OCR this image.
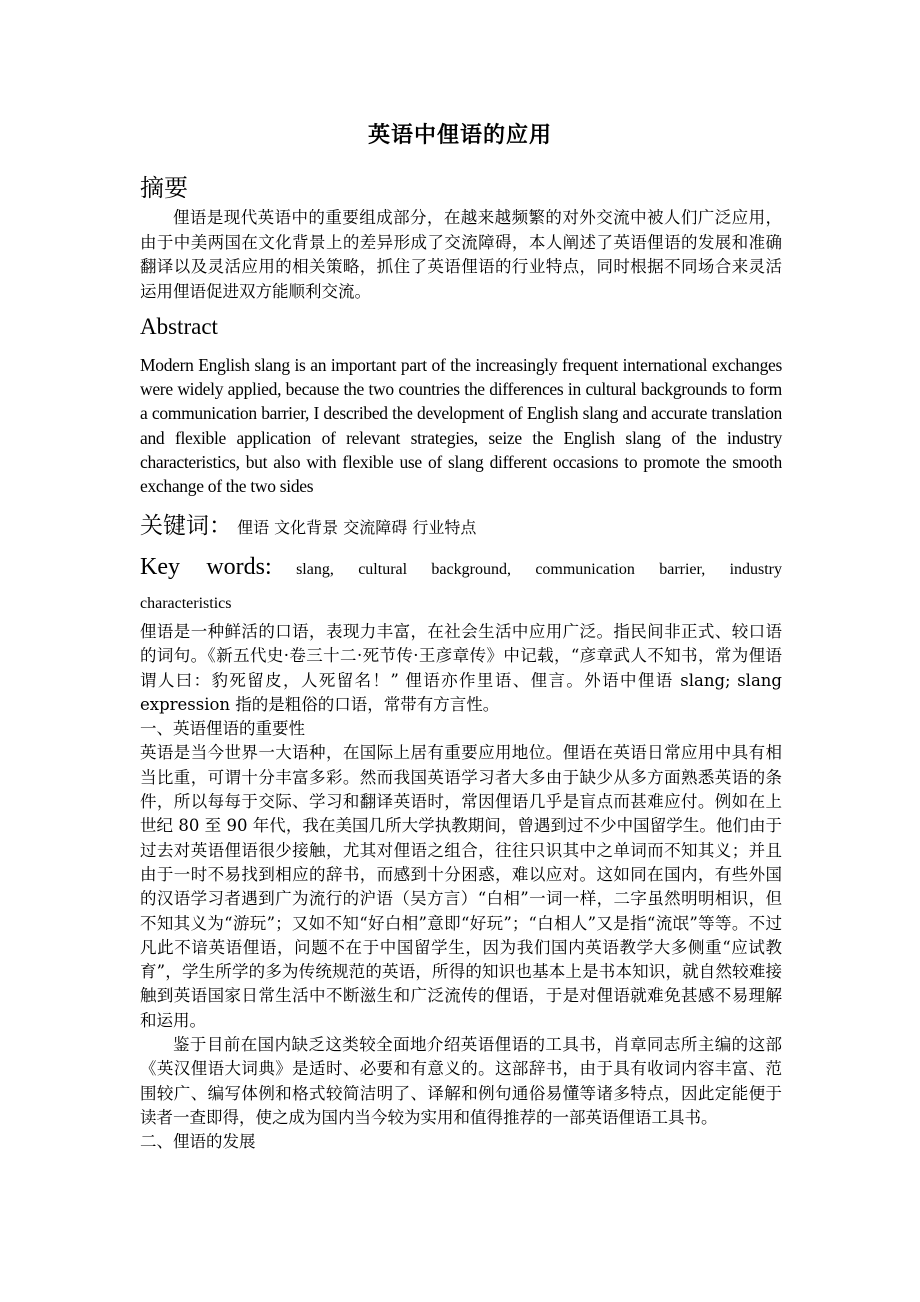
英语中俚语的应用
摘要
俚语是现代英语中的重要组成部分，在越来越频繁的对外交流中被人们广泛应用，由于中美两国在文化背景上的差异形成了交流障碍，本人阐述了英语俚语的发展和准确翻译以及灵活应用的相关策略，抓住了英语俚语的行业特点，同时根据不同场合来灵活运用俚语促进双方能顺利交流。
Abstract
Modern English slang is an important part of the increasingly frequent international exchanges were widely applied, because the two countries the differences in cultural backgrounds to form a communication barrier, I described the development of English slang and accurate translation and flexible application of relevant strategies, seize the English slang of the industry characteristics, but also with flexible use of slang different occasions to promote the smooth exchange of the two sides
关键词： 俚语 文化背景 交流障碍 行业特点
Key words: slang, cultural background, communication barrier, industry
characteristics

俚语是一种鲜活的口语，表现力丰富，在社会生活中应用广泛。指民间非正式、较口语的词句。《新五代史·卷三十二·死节传·王彦章传》中记载，“彦章武人不知书，常为俚语谓人曰：豹死留皮，人死留名！” 俚语亦作里语、俚言。外语中俚语 slang; slang expression 指的是粗俗的口语，常带有方言性。

一、英语俚语的重要性

英语是当今世界一大语种，在国际上居有重要应用地位。俚语在英语日常应用中具有相当比重，可谓十分丰富多彩。然而我国英语学习者大多由于缺少从多方面熟悉英语的条件，所以每每于交际、学习和翻译英语时，常因俚语几乎是盲点而甚难应付。例如在上世纪 80 至 90 年代，我在美国几所大学执教期间，曾遇到过不少中国留学生。他们由于过去对英语俚语很少接触，尤其对俚语之组合，往往只识其中之单词而不知其义；并且由于一时不易找到相应的辞书，而感到十分困惑，难以应对。这如同在国内，有些外国的汉语学习者遇到广为流行的沪语（吴方言）“白相”一词一样，二字虽然明明相识，但不知其义为“游玩”；又如不知“好白相”意即“好玩”；“白相人”又是指“流氓”等等。不过凡此不谙英语俚语，问题不在于中国留学生，因为我们国内英语教学大多侧重“应试教育”，学生所学的多为传统规范的英语，所得的知识也基本上是书本知识，就自然较难接触到英语国家日常生活中不断滋生和广泛流传的俚语，于是对俚语就难免甚感不易理解和运用。

鉴于目前在国内缺乏这类较全面地介绍英语俚语的工具书，肖章同志所主编的这部《英汉俚语大词典》是适时、必要和有意义的。这部辞书，由于具有收词内容丰富、范围较广、编写体例和格式较简洁明了、译解和例句通俗易懂等诸多特点，因此定能便于读者一查即得，使之成为国内当今较为实用和值得推荐的一部英语俚语工具书。

二、俚语的发展
